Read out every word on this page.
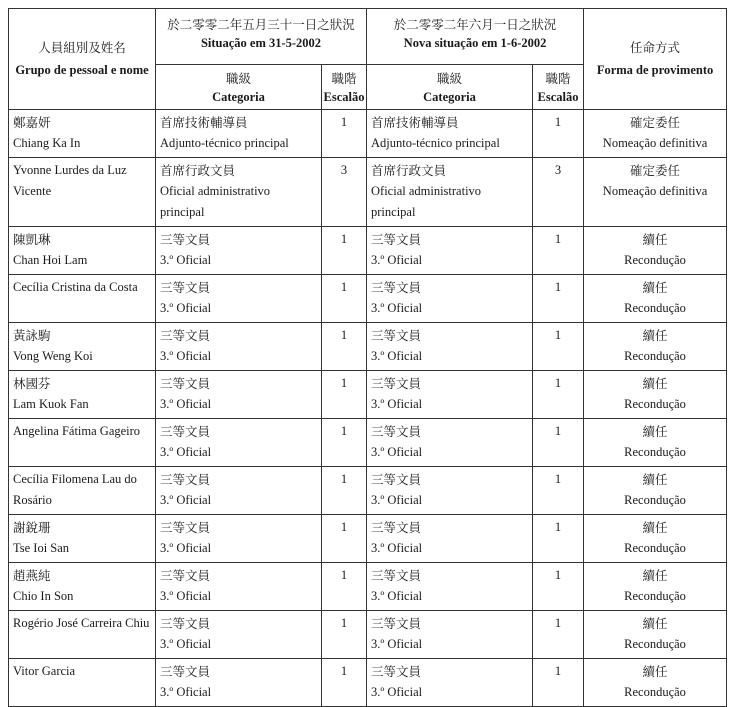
人員組別及姓名
Grupo de pessoal e nome	於二零零二年五月三十一日之狀況
Situação em 31-5-2002		於二零零二年六月一日之狀況
Nova situação em 1-6-2002		任命方式
Forma de provimento

	職級
Categoria	職階
Escalão	職級
Categoria	職階
Escalão	

鄭嘉妍
Chiang Ka In	首席技術輔導員
Adjunto-técnico principal	1	首席技術輔導員
Adjunto-técnico principal	1	確定委任
Nomeação definitiva

Yvonne Lurdes da Luz Vicente	首席行政文員
Oficial administrativo principal	3	首席行政文員
Oficial administrativo principal	3	確定委任
Nomeação definitiva

陳凱琳
Chan Hoi Lam	三等文員
3.º Oficial	1	三等文員
3.º Oficial	1	續任
Recondução

Cecília Cristina da Costa	三等文員
3.º Oficial	1	三等文員
3.º Oficial	1	續任
Recondução

黃詠駒
Vong Weng Koi	三等文員
3.º Oficial	1	三等文員
3.º Oficial	1	續任
Recondução

林國芬
Lam Kuok Fan	三等文員
3.º Oficial	1	三等文員
3.º Oficial	1	續任
Recondução

Angelina Fátima Gageiro	三等文員
3.º Oficial	1	三等文員
3.º Oficial	1	續任
Recondução

Cecília Filomena Lau do Rosário	三等文員
3.º Oficial	1	三等文員
3.º Oficial	1	續任
Recondução

謝銳珊
Tse Ioi San	三等文員
3.º Oficial	1	三等文員
3.º Oficial	1	續任
Recondução

趙燕純
Chio In Son	三等文員
3.º Oficial	1	三等文員
3.º Oficial	1	續任
Recondução

Rogério José Carreira Chiu	三等文員
3.º Oficial	1	三等文員
3.º Oficial	1	續任
Recondução

Vitor Garcia	三等文員
3.º Oficial	1	三等文員
3.º Oficial	1	續任
Recondução
